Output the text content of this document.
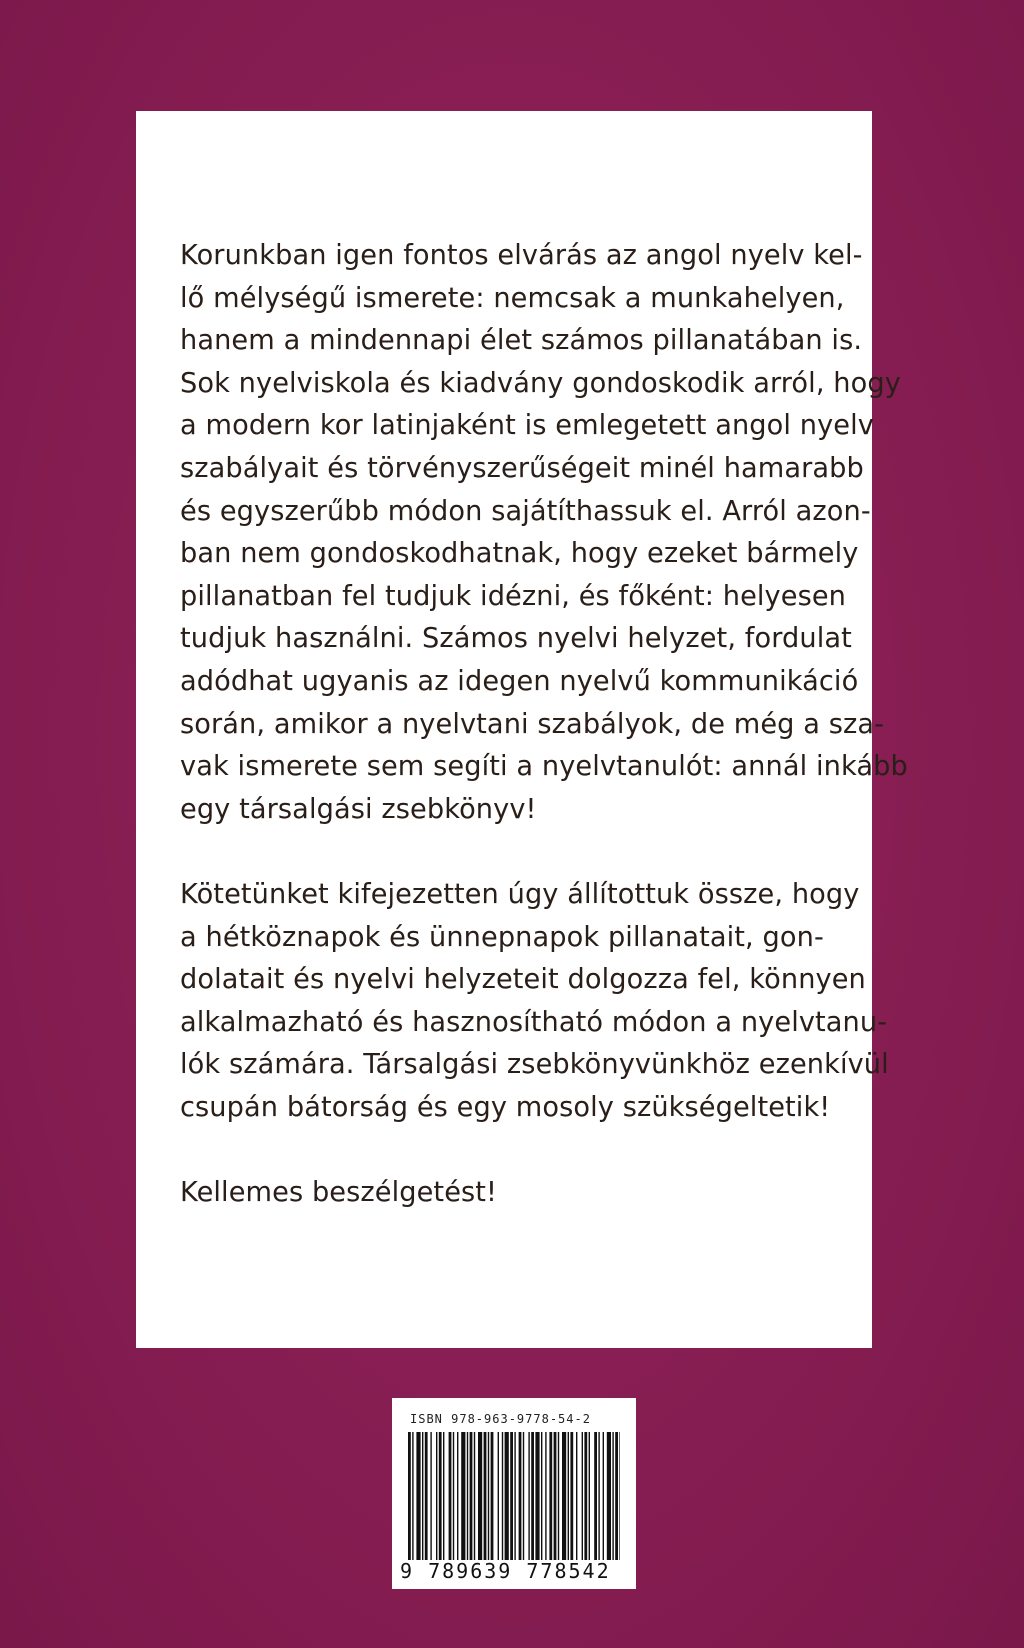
Korunkban igen fontos elvárás az angol nyelv kel-
lő mélységű ismerete: nemcsak a munkahelyen,
hanem a mindennapi élet számos pillanatában is.
Sok nyelviskola és kiadvány gondoskodik arról, hogy
a modern kor latinjaként is emlegetett angol nyelv
szabályait és törvényszerűségeit minél hamarabb
és egyszerűbb módon sajátíthassuk el. Arról azon-
ban nem gondoskodhatnak, hogy ezeket bármely
pillanatban fel tudjuk idézni, és főként: helyesen
tudjuk használni. Számos nyelvi helyzet, fordulat
adódhat ugyanis az idegen nyelvű kommunikáció
során, amikor a nyelvtani szabályok, de még a sza-
vak ismerete sem segíti a nyelvtanulót: annál inkább
egy társalgási zsebkönyv!
Kötetünket kifejezetten úgy állítottuk össze, hogy
a hétköznapok és ünnepnapok pillanatait, gon-
dolatait és nyelvi helyzeteit dolgozza fel, könnyen
alkalmazható és hasznosítható módon a nyelvtanu-
lók számára. Társalgási zsebkönyvünkhöz ezenkívül
csupán bátorság és egy mosoly szükségeltetik!
Kellemes beszélgetést!
ISBN 978-963-9778-54-2
9 789639 778542
